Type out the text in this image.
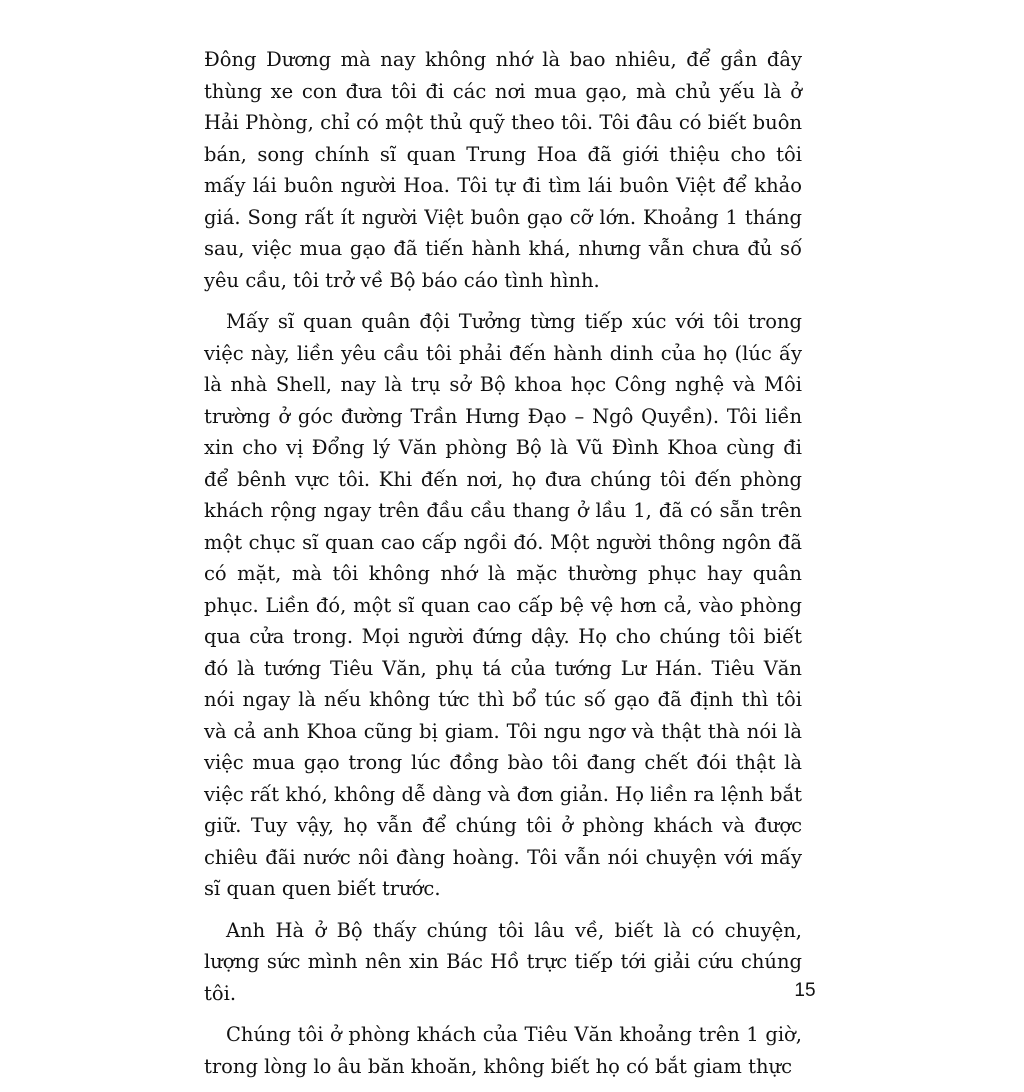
Đông Dương mà nay không nhớ là bao nhiêu, để gần đây thùng xe con đưa tôi đi các nơi mua gạo, mà chủ yếu là ở Hải Phòng, chỉ có một thủ quỹ theo tôi. Tôi đâu có biết buôn bán, song chính sĩ quan Trung Hoa đã giới thiệu cho tôi mấy lái buôn người Hoa. Tôi tự đi tìm lái buôn Việt để khảo giá. Song rất ít người Việt buôn gạo cỡ lớn. Khoảng 1 tháng sau, việc mua gạo đã tiến hành khá, nhưng vẫn chưa đủ số yêu cầu, tôi trở về Bộ báo cáo tình hình.

Mấy sĩ quan quân đội Tưởng từng tiếp xúc với tôi trong việc này, liền yêu cầu tôi phải đến hành dinh của họ (lúc ấy là nhà Shell, nay là trụ sở Bộ khoa học Công nghệ và Môi trường ở góc đường Trần Hưng Đạo – Ngô Quyền). Tôi liền xin cho vị Đổng lý Văn phòng Bộ là Vũ Đình Khoa cùng đi để bênh vực tôi. Khi đến nơi, họ đưa chúng tôi đến phòng khách rộng ngay trên đầu cầu thang ở lầu 1, đã có sẵn trên một chục sĩ quan cao cấp ngồi đó. Một người thông ngôn đã có mặt, mà tôi không nhớ là mặc thường phục hay quân phục. Liền đó, một sĩ quan cao cấp bệ vệ hơn cả, vào phòng qua cửa trong. Mọi người đứng dậy. Họ cho chúng tôi biết đó là tướng Tiêu Văn, phụ tá của tướng Lư Hán. Tiêu Văn nói ngay là nếu không tức thì bổ túc số gạo đã định thì tôi và cả anh Khoa cũng bị giam. Tôi ngu ngơ và thật thà nói là việc mua gạo trong lúc đồng bào tôi đang chết đói thật là việc rất khó, không dễ dàng và đơn giản. Họ liền ra lệnh bắt giữ. Tuy vậy, họ vẫn để chúng tôi ở phòng khách và được chiêu đãi nước nôi đàng hoàng. Tôi vẫn nói chuyện với mấy sĩ quan quen biết trước.

Anh Hà ở Bộ thấy chúng tôi lâu về, biết là có chuyện, lượng sức mình nên xin Bác Hồ trực tiếp tới giải cứu chúng tôi.

Chúng tôi ở phòng khách của Tiêu Văn khoảng trên 1 giờ, trong lòng lo âu băn khoăn, không biết họ có bắt giam thực

15
